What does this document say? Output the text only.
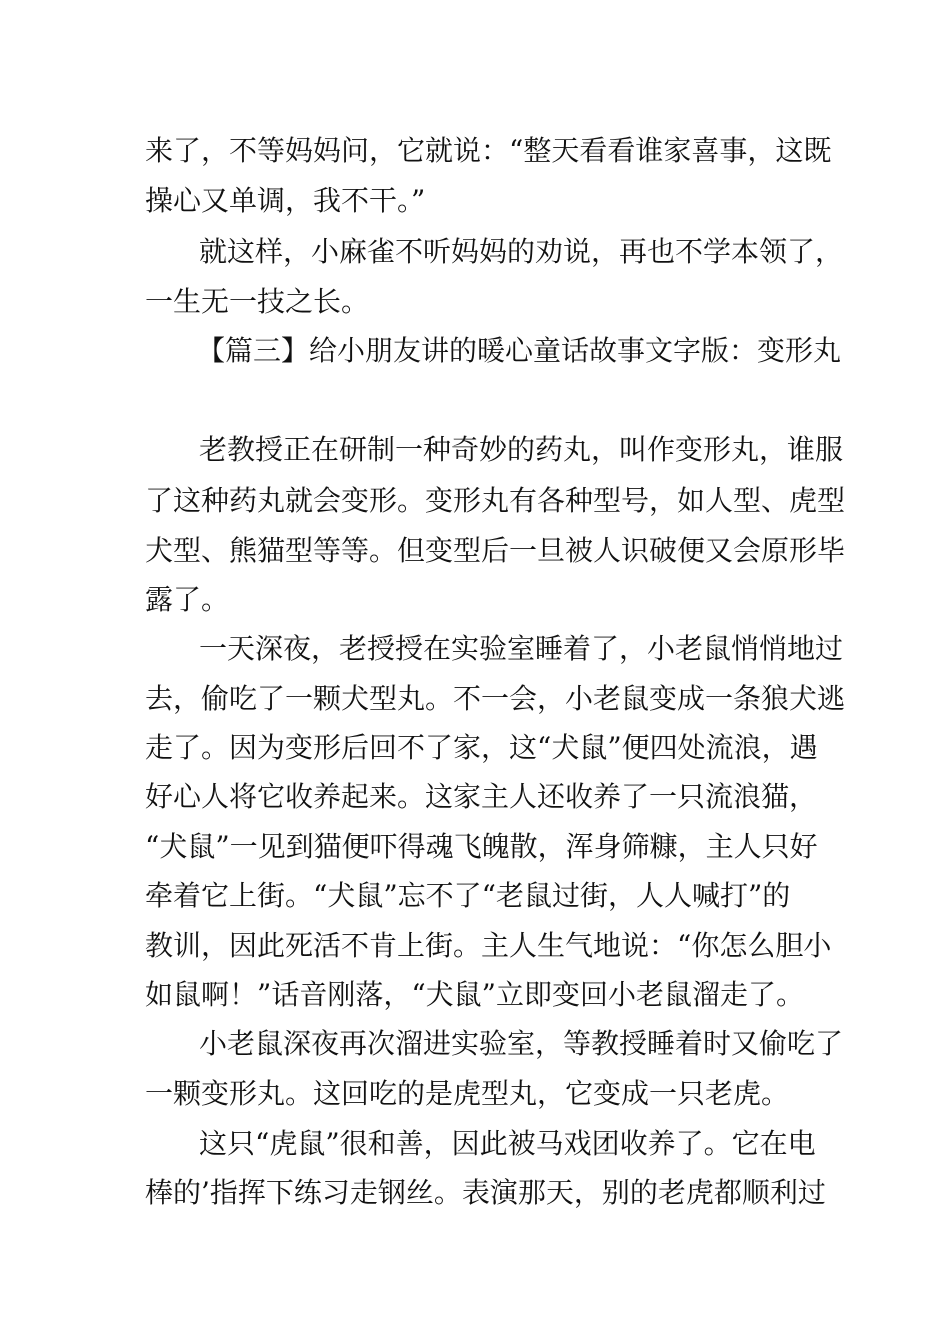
来了，不等妈妈问，它就说：“整天看看谁家喜事，这既

操心又单调，我不干。”

就这样，小麻雀不听妈妈的劝说，再也不学本领了，

一生无一技之长。

【篇三】给小朋友讲的暖心童话故事文字版：变形丸

老教授正在研制一种奇妙的药丸，叫作变形丸，谁服

了这种药丸就会变形。变形丸有各种型号，如人型、虎型

犬型、熊猫型等等。但变型后一旦被人识破便又会原形毕

露了。

一天深夜，老授授在实验室睡着了，小老鼠悄悄地过

去，偷吃了一颗犬型丸。不一会，小老鼠变成一条狼犬逃

走了。因为变形后回不了家，这“犬鼠”便四处流浪，遇

好心人将它收养起来。这家主人还收养了一只流浪猫，

“犬鼠”一见到猫便吓得魂飞魄散，浑身筛糠，主人只好

牵着它上街。“犬鼠”忘不了“老鼠过街，人人喊打”的

教训，因此死活不肯上街。主人生气地说：“你怎么胆小

如鼠啊！”话音刚落，“犬鼠”立即变回小老鼠溜走了。

小老鼠深夜再次溜进实验室，等教授睡着时又偷吃了

一颗变形丸。这回吃的是虎型丸，它变成一只老虎。

这只“虎鼠”很和善，因此被马戏团收养了。它在电

棒的’指挥下练习走钢丝。表演那天，别的老虎都顺利过
